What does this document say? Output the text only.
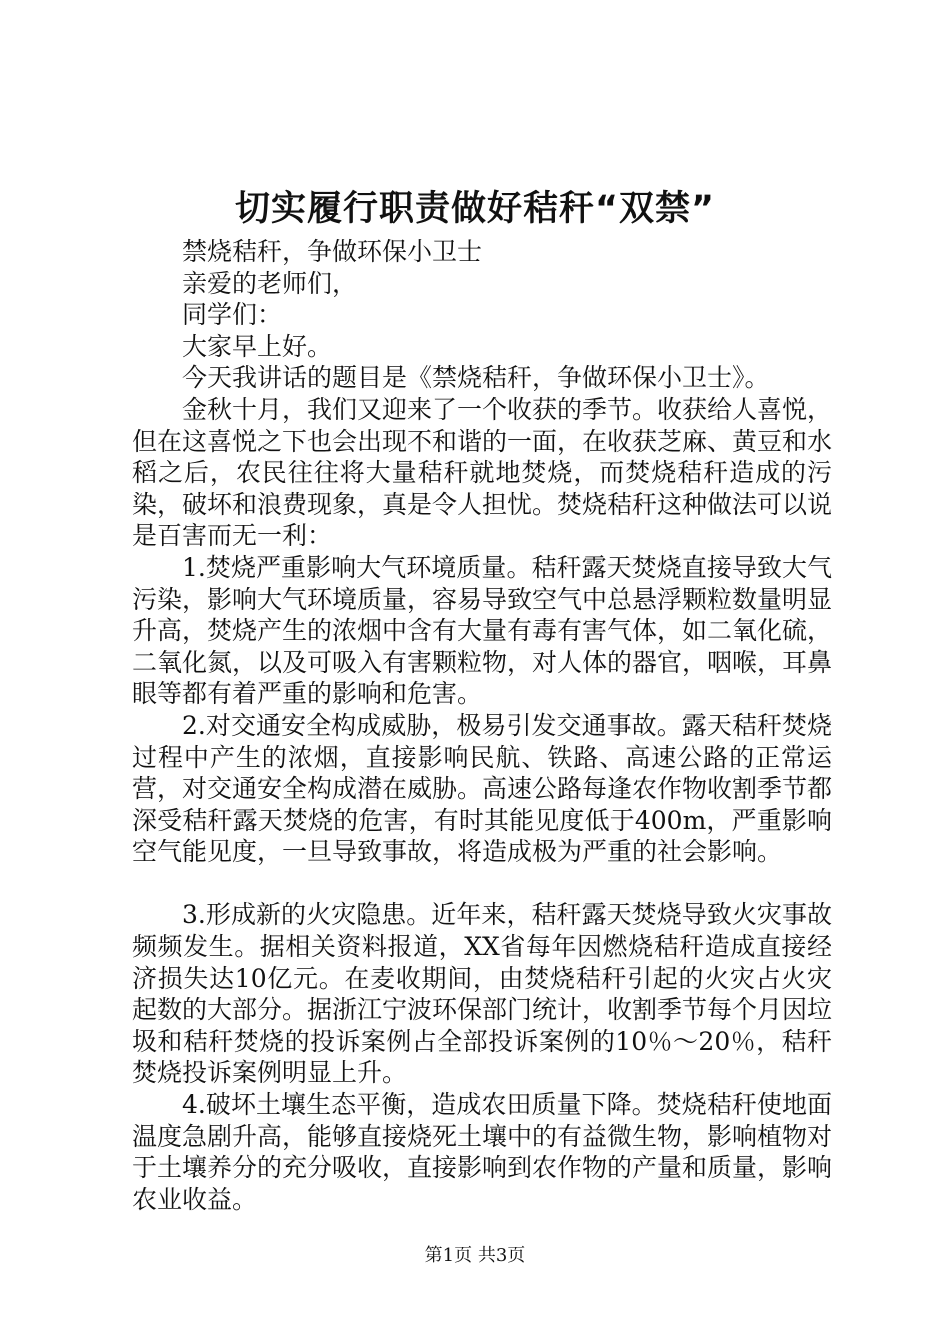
切实履行职责做好秸秆“双禁”

禁烧秸秆，争做环保小卫士

亲爱的老师们，

同学们：

大家早上好。

今天我讲话的题目是《禁烧秸秆，争做环保小卫士》。

金秋十月，我们又迎来了一个收获的季节。收获给人喜悦，但在这喜悦之下也会出现不和谐的一面，在收获芝麻、黄豆和水稻之后，农民往往将大量秸秆就地焚烧，而焚烧秸秆造成的污染，破坏和浪费现象，真是令人担忧。焚烧秸秆这种做法可以说是百害而无一利：

1.焚烧严重影响大气环境质量。秸秆露天焚烧直接导致大气污染，影响大气环境质量，容易导致空气中总悬浮颗粒数量明显升高，焚烧产生的浓烟中含有大量有毒有害气体，如二氧化硫，二氧化氮，以及可吸入有害颗粒物，对人体的器官，咽喉，耳鼻眼等都有着严重的影响和危害。

2.对交通安全构成威胁，极易引发交通事故。露天秸秆焚烧过程中产生的浓烟，直接影响民航、铁路、高速公路的正常运营，对交通安全构成潜在威胁。高速公路每逢农作物收割季节都深受秸秆露天焚烧的危害，有时其能见度低于400m，严重影响空气能见度，一旦导致事故，将造成极为严重的社会影响。

3.形成新的火灾隐患。近年来，秸秆露天焚烧导致火灾事故频频发生。据相关资料报道，XX省每年因燃烧秸秆造成直接经济损失达10亿元。在麦收期间，由焚烧秸秆引起的火灾占火灾起数的大部分。据浙江宁波环保部门统计，收割季节每个月因垃圾和秸秆焚烧的投诉案例占全部投诉案例的10％～20％，秸秆焚烧投诉案例明显上升。

4.破坏土壤生态平衡，造成农田质量下降。焚烧秸秆使地面温度急剧升高，能够直接烧死土壤中的有益微生物，影响植物对于土壤养分的充分吸收，直接影响到农作物的产量和质量，影响农业收益。

第1页 共3页
